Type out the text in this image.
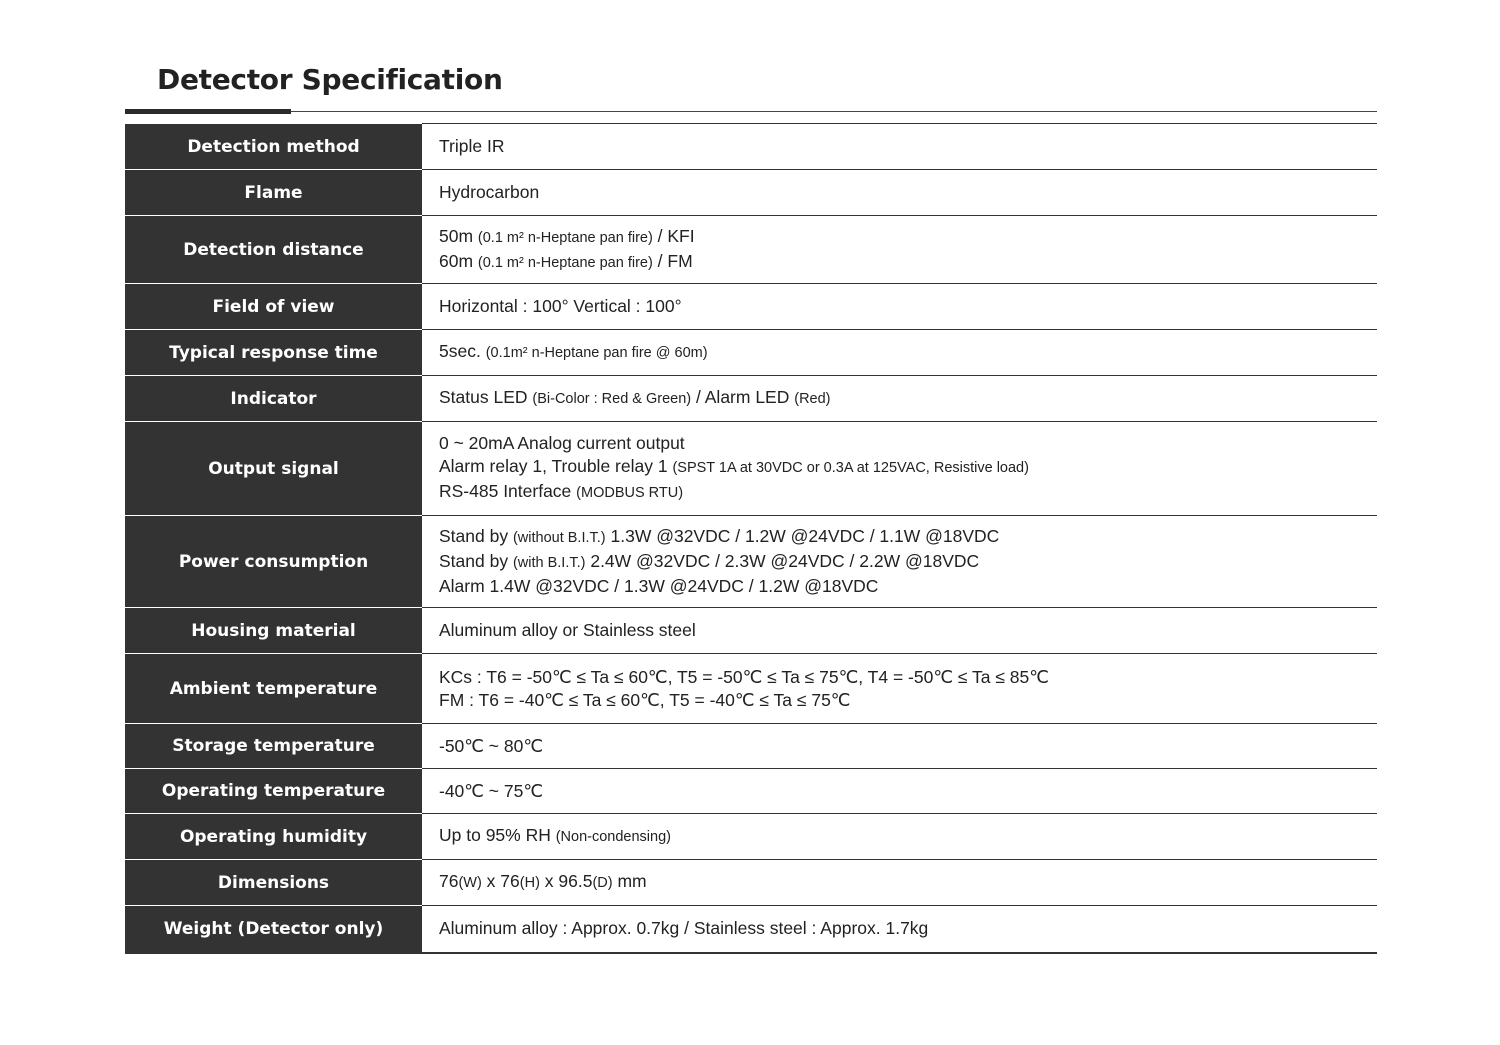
Detector Specification
Detection method	Triple IR

Flame	Hydrocarbon

Detection distance	50m (0.1 m² n-Heptane pan fire) / KFI
60m (0.1 m² n-Heptane pan fire) / FM

Field of view	Horizontal : 100° Vertical : 100°

Typical response time	5sec. (0.1m² n-Heptane pan fire @ 60m)

Indicator	Status LED (Bi-Color : Red & Green) / Alarm LED (Red)

Output signal	0 ~ 20mA Analog current output
Alarm relay 1, Trouble relay 1 (SPST 1A at 30VDC or 0.3A at 125VAC, Resistive load)
RS-485 Interface (MODBUS RTU)

Power consumption	Stand by (without B.I.T.) 1.3W @32VDC / 1.2W @24VDC / 1.1W @18VDC
Stand by (with B.I.T.) 2.4W @32VDC / 2.3W @24VDC / 2.2W @18VDC
Alarm 1.4W @32VDC / 1.3W @24VDC / 1.2W @18VDC

Housing material	Aluminum alloy or Stainless steel

Ambient temperature	KCs : T6 = -50℃ ≤ Ta ≤ 60℃, T5 = -50℃ ≤ Ta ≤ 75℃, T4 = -50℃ ≤ Ta ≤ 85℃
FM : T6 = -40℃ ≤ Ta ≤ 60℃, T5 = -40℃ ≤ Ta ≤ 75℃

Storage temperature	-50℃ ~ 80℃

Operating temperature	-40℃ ~ 75℃

Operating humidity	Up to 95% RH (Non-condensing)

Dimensions	76(W) x 76(H) x 96.5(D) mm

Weight (Detector only)	Aluminum alloy : Approx. 0.7kg / Stainless steel : Approx. 1.7kg
